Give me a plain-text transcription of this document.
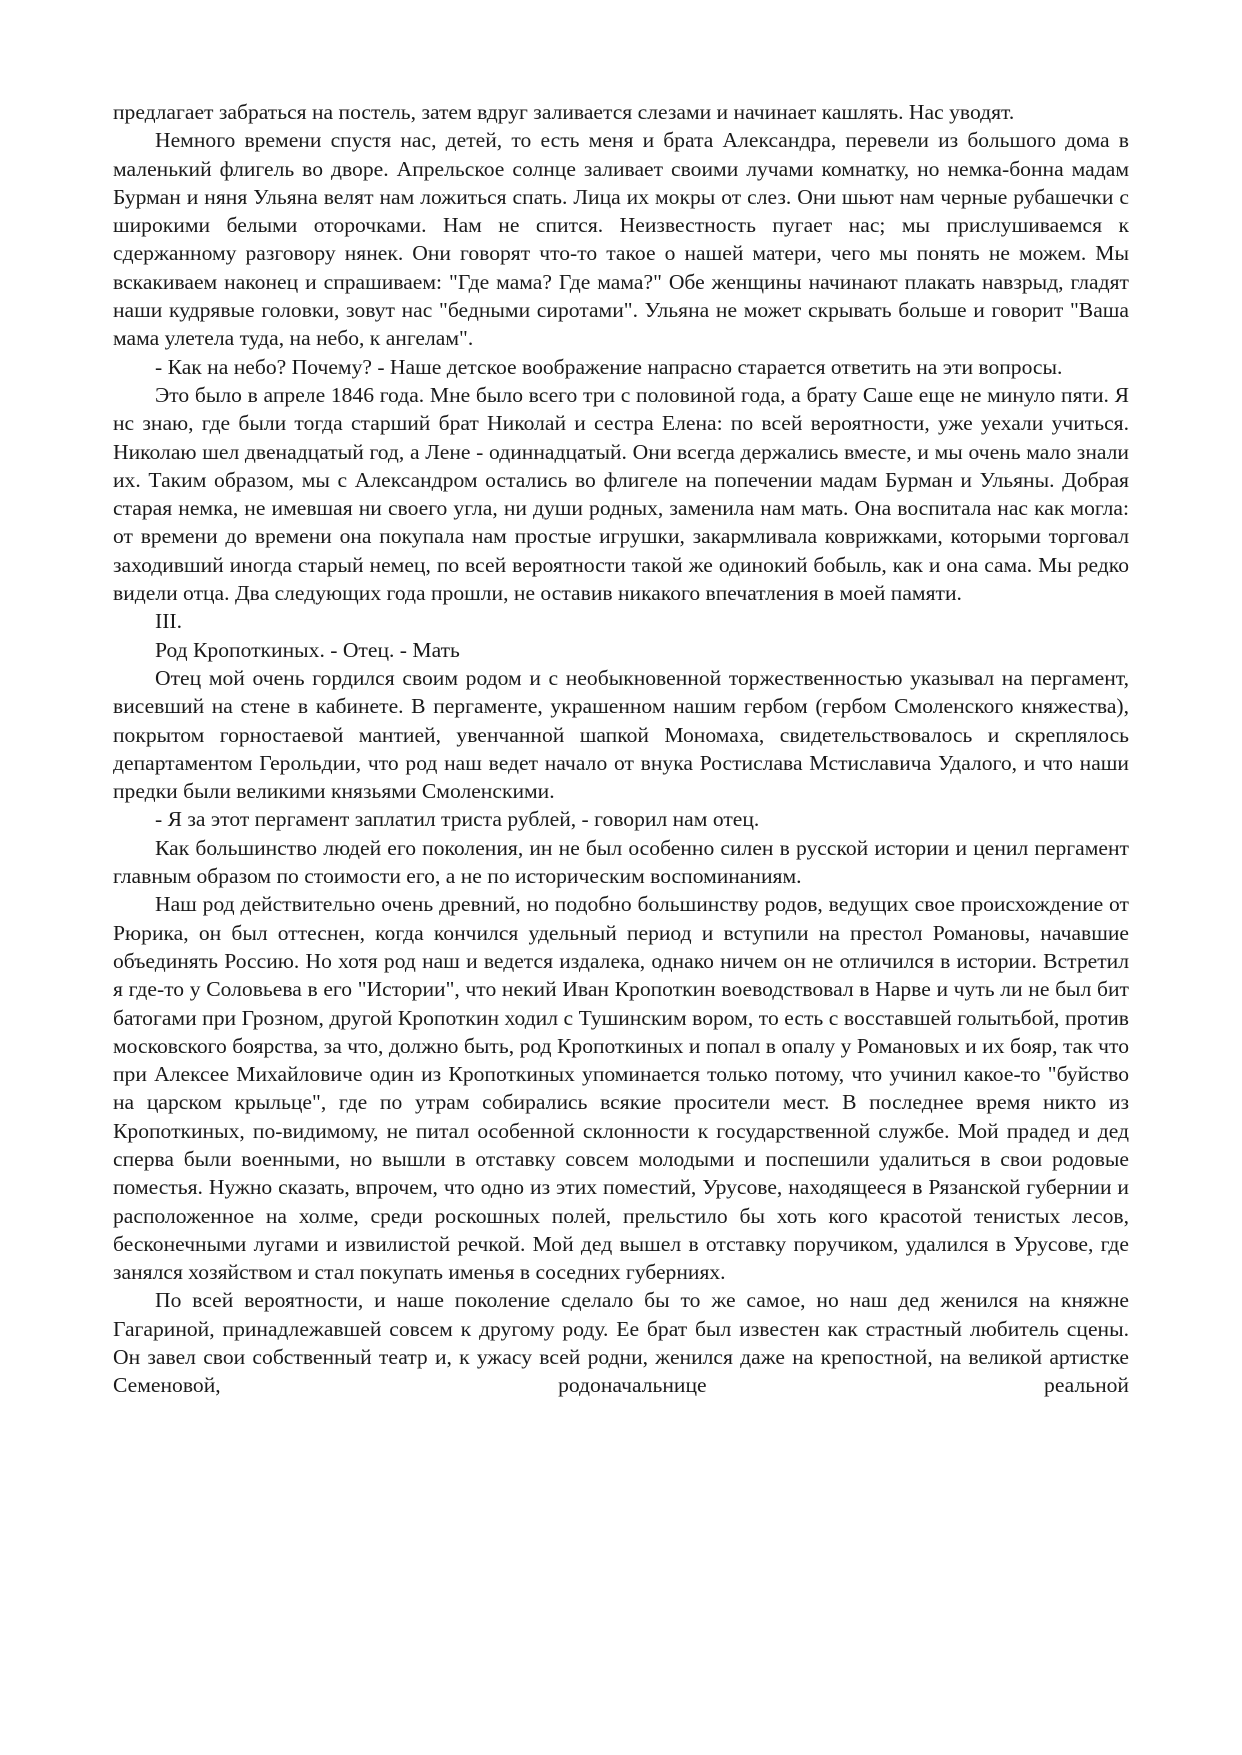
предлагает забраться на постель, затем вдруг заливается слезами и начинает кашлять. Нас уводят.

Немного времени спустя нас, детей, то есть меня и брата Александра, перевели из большого дома в маленький флигель во дворе. Апрельское солнце заливает своими лучами комнатку, но немка-бонна мадам Бурман и няня Ульяна велят нам ложиться спать. Лица их мокры от слез. Они шьют нам черные рубашечки с широкими белыми оторочками. Нам не спится. Неизвестность пугает нас; мы прислушиваемся к сдержанному разговору нянек. Они говорят что-то такое о нашей матери, чего мы понять не можем. Мы вскакиваем наконец и спрашиваем: "Где мама? Где мама?" Обе женщины начинают плакать навзрыд, гладят наши кудрявые головки, зовут нас "бедными сиротами". Ульяна не может скрывать больше и говорит "Ваша мама улетела туда, на небо, к ангелам".

- Как на небо? Почему? - Наше детское воображение напрасно старается ответить на эти вопросы.

Это было в апреле 1846 года. Мне было всего три с половиной года, а брату Саше еще не минуло пяти. Я нс знаю, где были тогда старший брат Николай и сестра Елена: по всей вероятности, уже уехали учиться. Николаю шел двенадцатый год, а Лене - одиннадцатый. Они всегда держались вместе, и мы очень мало знали их. Таким образом, мы с Александром остались во флигеле на попечении мадам Бурман и Ульяны. Добрая старая немка, не имевшая ни своего угла, ни души родных, заменила нам мать. Она воспитала нас как могла: от времени до времени она покупала нам простые игрушки, закармливала коврижками, которыми торговал заходивший иногда старый немец, по всей вероятности такой же одинокий бобыль, как и она сама. Мы редко видели отца. Два следующих года прошли, не оставив никакого впечатления в моей памяти.

III.

Род Кропоткиных. - Отец. - Мать

Отец мой очень гордился своим родом и с необыкновенной торжественностью указывал на пергамент, висевший на стене в кабинете. В пергаменте, украшенном нашим гербом (гербом Смоленского княжества), покрытом горностаевой мантией, увенчанной шапкой Мономаха, свидетельствовалось и скреплялось департаментом Герольдии, что род наш ведет начало от внука Ростислава Мстиславича Удалого, и что наши предки были великими князьями Смоленскими.

- Я за этот пергамент заплатил триста рублей, - говорил нам отец.

Как большинство людей его поколения, ин не был особенно силен в русской истории и ценил пергамент главным образом по стоимости его, а не по историческим воспоминаниям.

Наш род действительно очень древний, но подобно большинству родов, ведущих свое происхождение от Рюрика, он был оттеснен, когда кончился удельный период и вступили на престол Романовы, начавшие объединять Россию. Но хотя род наш и ведется издалека, однако ничем он не отличился в истории. Встретил я где-то у Соловьева в его "Истории", что некий Иван Кропоткин воеводствовал в Нарве и чуть ли не был бит батогами при Грозном, другой Кропоткин ходил с Тушинским вором, то есть с восставшей голытьбой, против московского боярства, за что, должно быть, род Кропоткиных и попал в опалу у Романовых и их бояр, так что при Алексее Михайловиче один из Кропоткиных упоминается только потому, что учинил какое-то "буйство на царском крыльце", где по утрам собирались всякие просители мест. В последнее время никто из Кропоткиных, по-видимому, не питал особенной склонности к государственной службе. Мой прадед и дед сперва были военными, но вышли в отставку совсем молодыми и поспешили удалиться в свои родовые поместья. Нужно сказать, впрочем, что одно из этих поместий, Урусове, находящееся в Рязанской губернии и расположенное на холме, среди роскошных полей, прельстило бы хоть кого красотой тенистых лесов, бесконечными лугами и извилистой речкой. Мой дед вышел в отставку поручиком, удалился в Урусове, где занялся хозяйством и стал покупать именья в соседних губерниях.

По всей вероятности, и наше поколение сделало бы то же самое, но наш дед женился на княжне Гагариной, принадлежавшей совсем к другому роду. Ее брат был известен как страстный любитель сцены. Он завел свои собственный театр и, к ужасу всей родни, женился даже на крепостной, на великой артистке Семеновой, родоначальнице реальной
